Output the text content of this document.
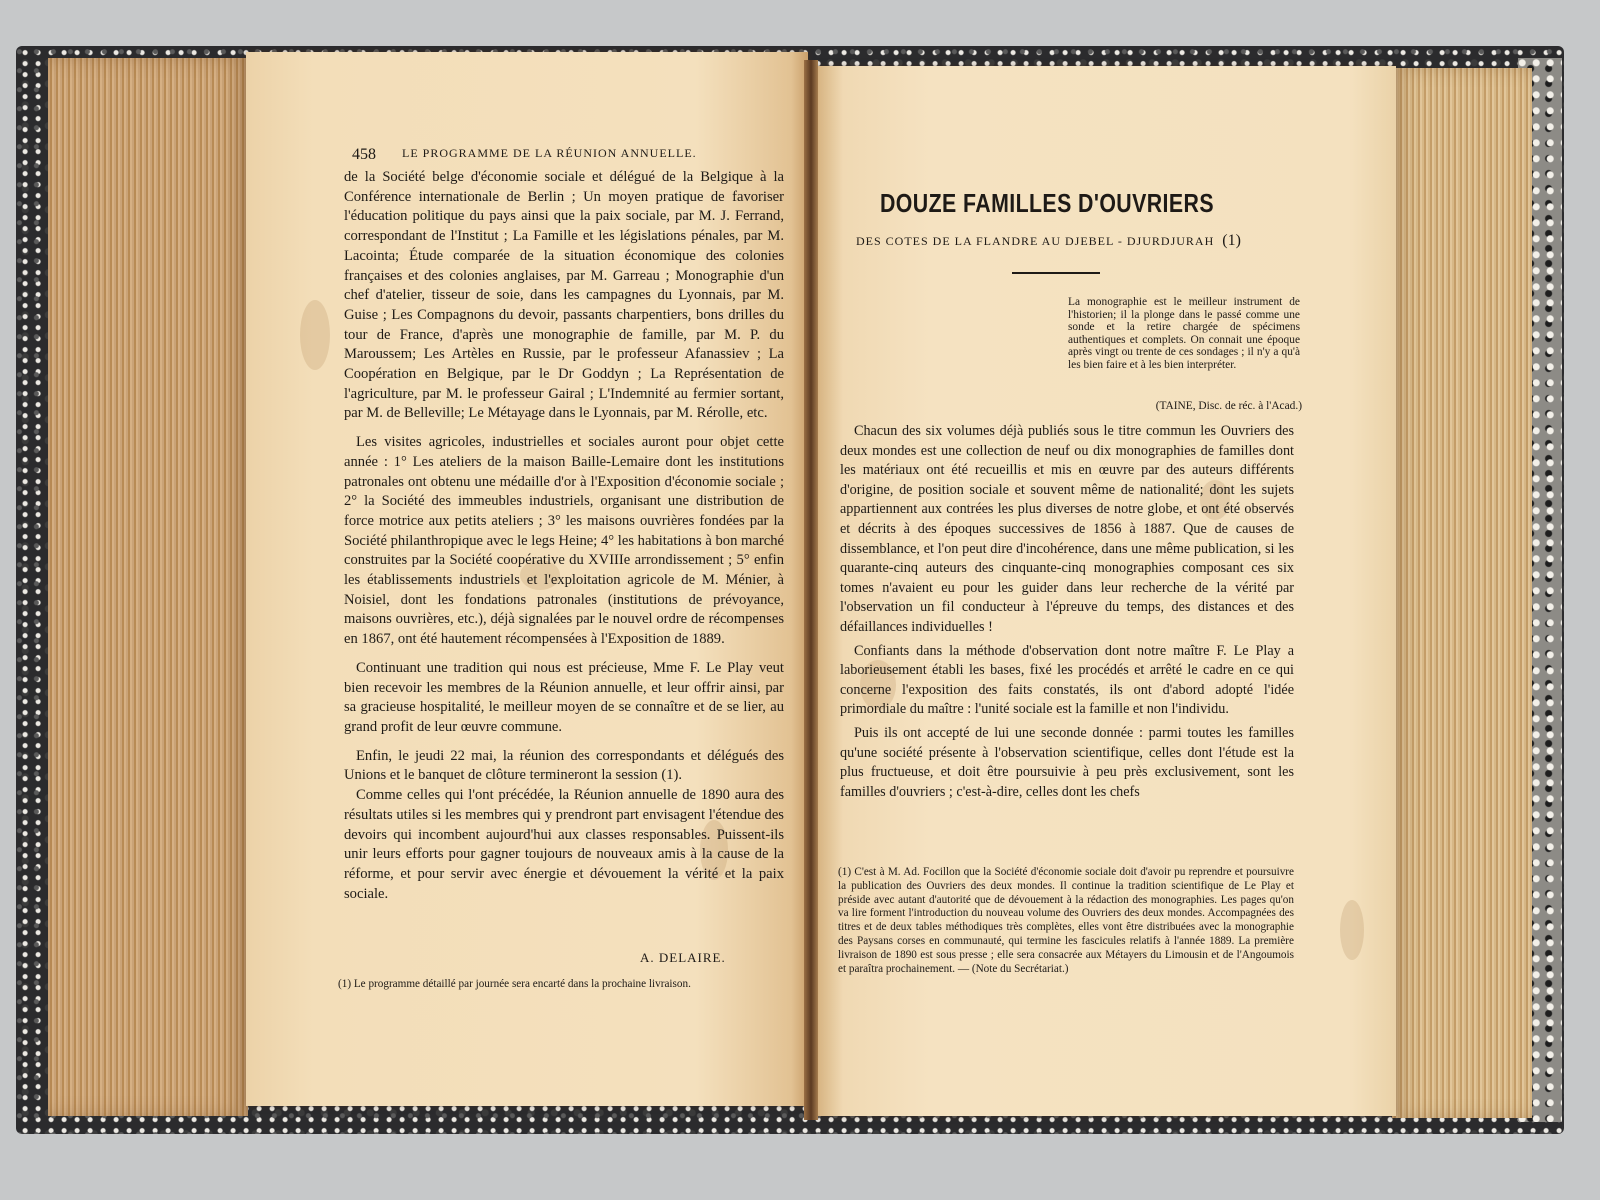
458 LE PROGRAMME DE LA RÉUNION ANNUELLE.

de la Société belge d'économie sociale et délégué de la Belgique à la Conférence internationale de Berlin ; Un moyen pratique de favoriser l'éducation politique du pays ainsi que la paix sociale, par M. J. Ferrand, correspondant de l'Institut ; La Famille et les législations pénales, par M. Lacointa; Étude comparée de la situation économique des colonies françaises et des colonies anglaises, par M. Garreau ; Monographie d'un chef d'atelier, tisseur de soie, dans les campagnes du Lyonnais, par M. Guise ; Les Compagnons du devoir, passants charpentiers, bons drilles du tour de France, d'après une monographie de famille, par M. P. du Maroussem; Les Artèles en Russie, par le professeur Afanassiev ; La Coopération en Belgique, par le Dr Goddyn ; La Représentation de l'agriculture, par M. le professeur Gairal ; L'Indemnité au fermier sortant, par M. de Belleville; Le Métayage dans le Lyonnais, par M. Rérolle, etc.

Les visites agricoles, industrielles et sociales auront pour objet cette année : 1° Les ateliers de la maison Baille-Lemaire dont les institutions patronales ont obtenu une médaille d'or à l'Exposition d'économie sociale ; 2° la Société des immeubles industriels, organisant une distribution de force motrice aux petits ateliers ; 3° les maisons ouvrières fondées par la Société philanthropique avec le legs Heine; 4° les habitations à bon marché construites par la Société coopérative du XVIIIe arrondissement ; 5° enfin les établissements industriels et l'exploitation agricole de M. Ménier, à Noisiel, dont les fondations patronales (institutions de prévoyance, maisons ouvrières, etc.), déjà signalées par le nouvel ordre de récompenses en 1867, ont été hautement récompensées à l'Exposition de 1889.

Continuant une tradition qui nous est précieuse, Mme F. Le Play veut bien recevoir les membres de la Réunion annuelle, et leur offrir ainsi, par sa gracieuse hospitalité, le meilleur moyen de se connaître et de se lier, au grand profit de leur œuvre commune.

Enfin, le jeudi 22 mai, la réunion des correspondants et délégués des Unions et le banquet de clôture termineront la session (1).

Comme celles qui l'ont précédée, la Réunion annuelle de 1890 aura des résultats utiles si les membres qui y prendront part envisagent l'étendue des devoirs qui incombent aujourd'hui aux classes responsables. Puissent-ils unir leurs efforts pour gagner toujours de nouveaux amis à la cause de la réforme, et pour servir avec énergie et dévouement la vérité et la paix sociale.

A. DELAIRE.
(1) Le programme détaillé par journée sera encarté dans la prochaine livraison.
DOUZE FAMILLES D'OUVRIERS
DES COTES DE LA FLANDRE AU DJEBEL - DJURDJURAH (1)
La monographie est le meilleur instrument de l'historien; il la plonge dans le passé comme une sonde et la retire chargée de spécimens authentiques et complets. On connait une époque après vingt ou trente de ces sondages ; il n'y a qu'à les bien faire et à les bien interpréter.
(TAINE, Disc. de réc. à l'Acad.)

Chacun des six volumes déjà publiés sous le titre commun les Ouvriers des deux mondes est une collection de neuf ou dix monographies de familles dont les matériaux ont été recueillis et mis en œuvre par des auteurs différents d'origine, de position sociale et souvent même de nationalité; dont les sujets appartiennent aux contrées les plus diverses de notre globe, et ont été observés et décrits à des époques successives de 1856 à 1887. Que de causes de dissemblance, et l'on peut dire d'incohérence, dans une même publication, si les quarante-cinq auteurs des cinquante-cinq monographies composant ces six tomes n'avaient eu pour les guider dans leur recherche de la vérité par l'observation un fil conducteur à l'épreuve du temps, des distances et des défaillances individuelles !

Confiants dans la méthode d'observation dont notre maître F. Le Play a laborieusement établi les bases, fixé les procédés et arrêté le cadre en ce qui concerne l'exposition des faits constatés, ils ont d'abord adopté l'idée primordiale du maître : l'unité sociale est la famille et non l'individu.

Puis ils ont accepté de lui une seconde donnée : parmi toutes les familles qu'une société présente à l'observation scientifique, celles dont l'étude est la plus fructueuse, et doit être poursuivie à peu près exclusivement, sont les familles d'ouvriers ; c'est-à-dire, celles dont les chefs

(1) C'est à M. Ad. Focillon que la Société d'économie sociale doit d'avoir pu reprendre et poursuivre la publication des Ouvriers des deux mondes. Il continue la tradition scientifique de Le Play et préside avec autant d'autorité que de dévouement à la rédaction des monographies. Les pages qu'on va lire forment l'introduction du nouveau volume des Ouvriers des deux mondes. Accompagnées des titres et de deux tables méthodiques très complètes, elles vont être distribuées avec la monographie des Paysans corses en communauté, qui termine les fascicules relatifs à l'année 1889. La première livraison de 1890 est sous presse ; elle sera consacrée aux Métayers du Limousin et de l'Angoumois et paraîtra prochainement. — (Note du Secrétariat.)
